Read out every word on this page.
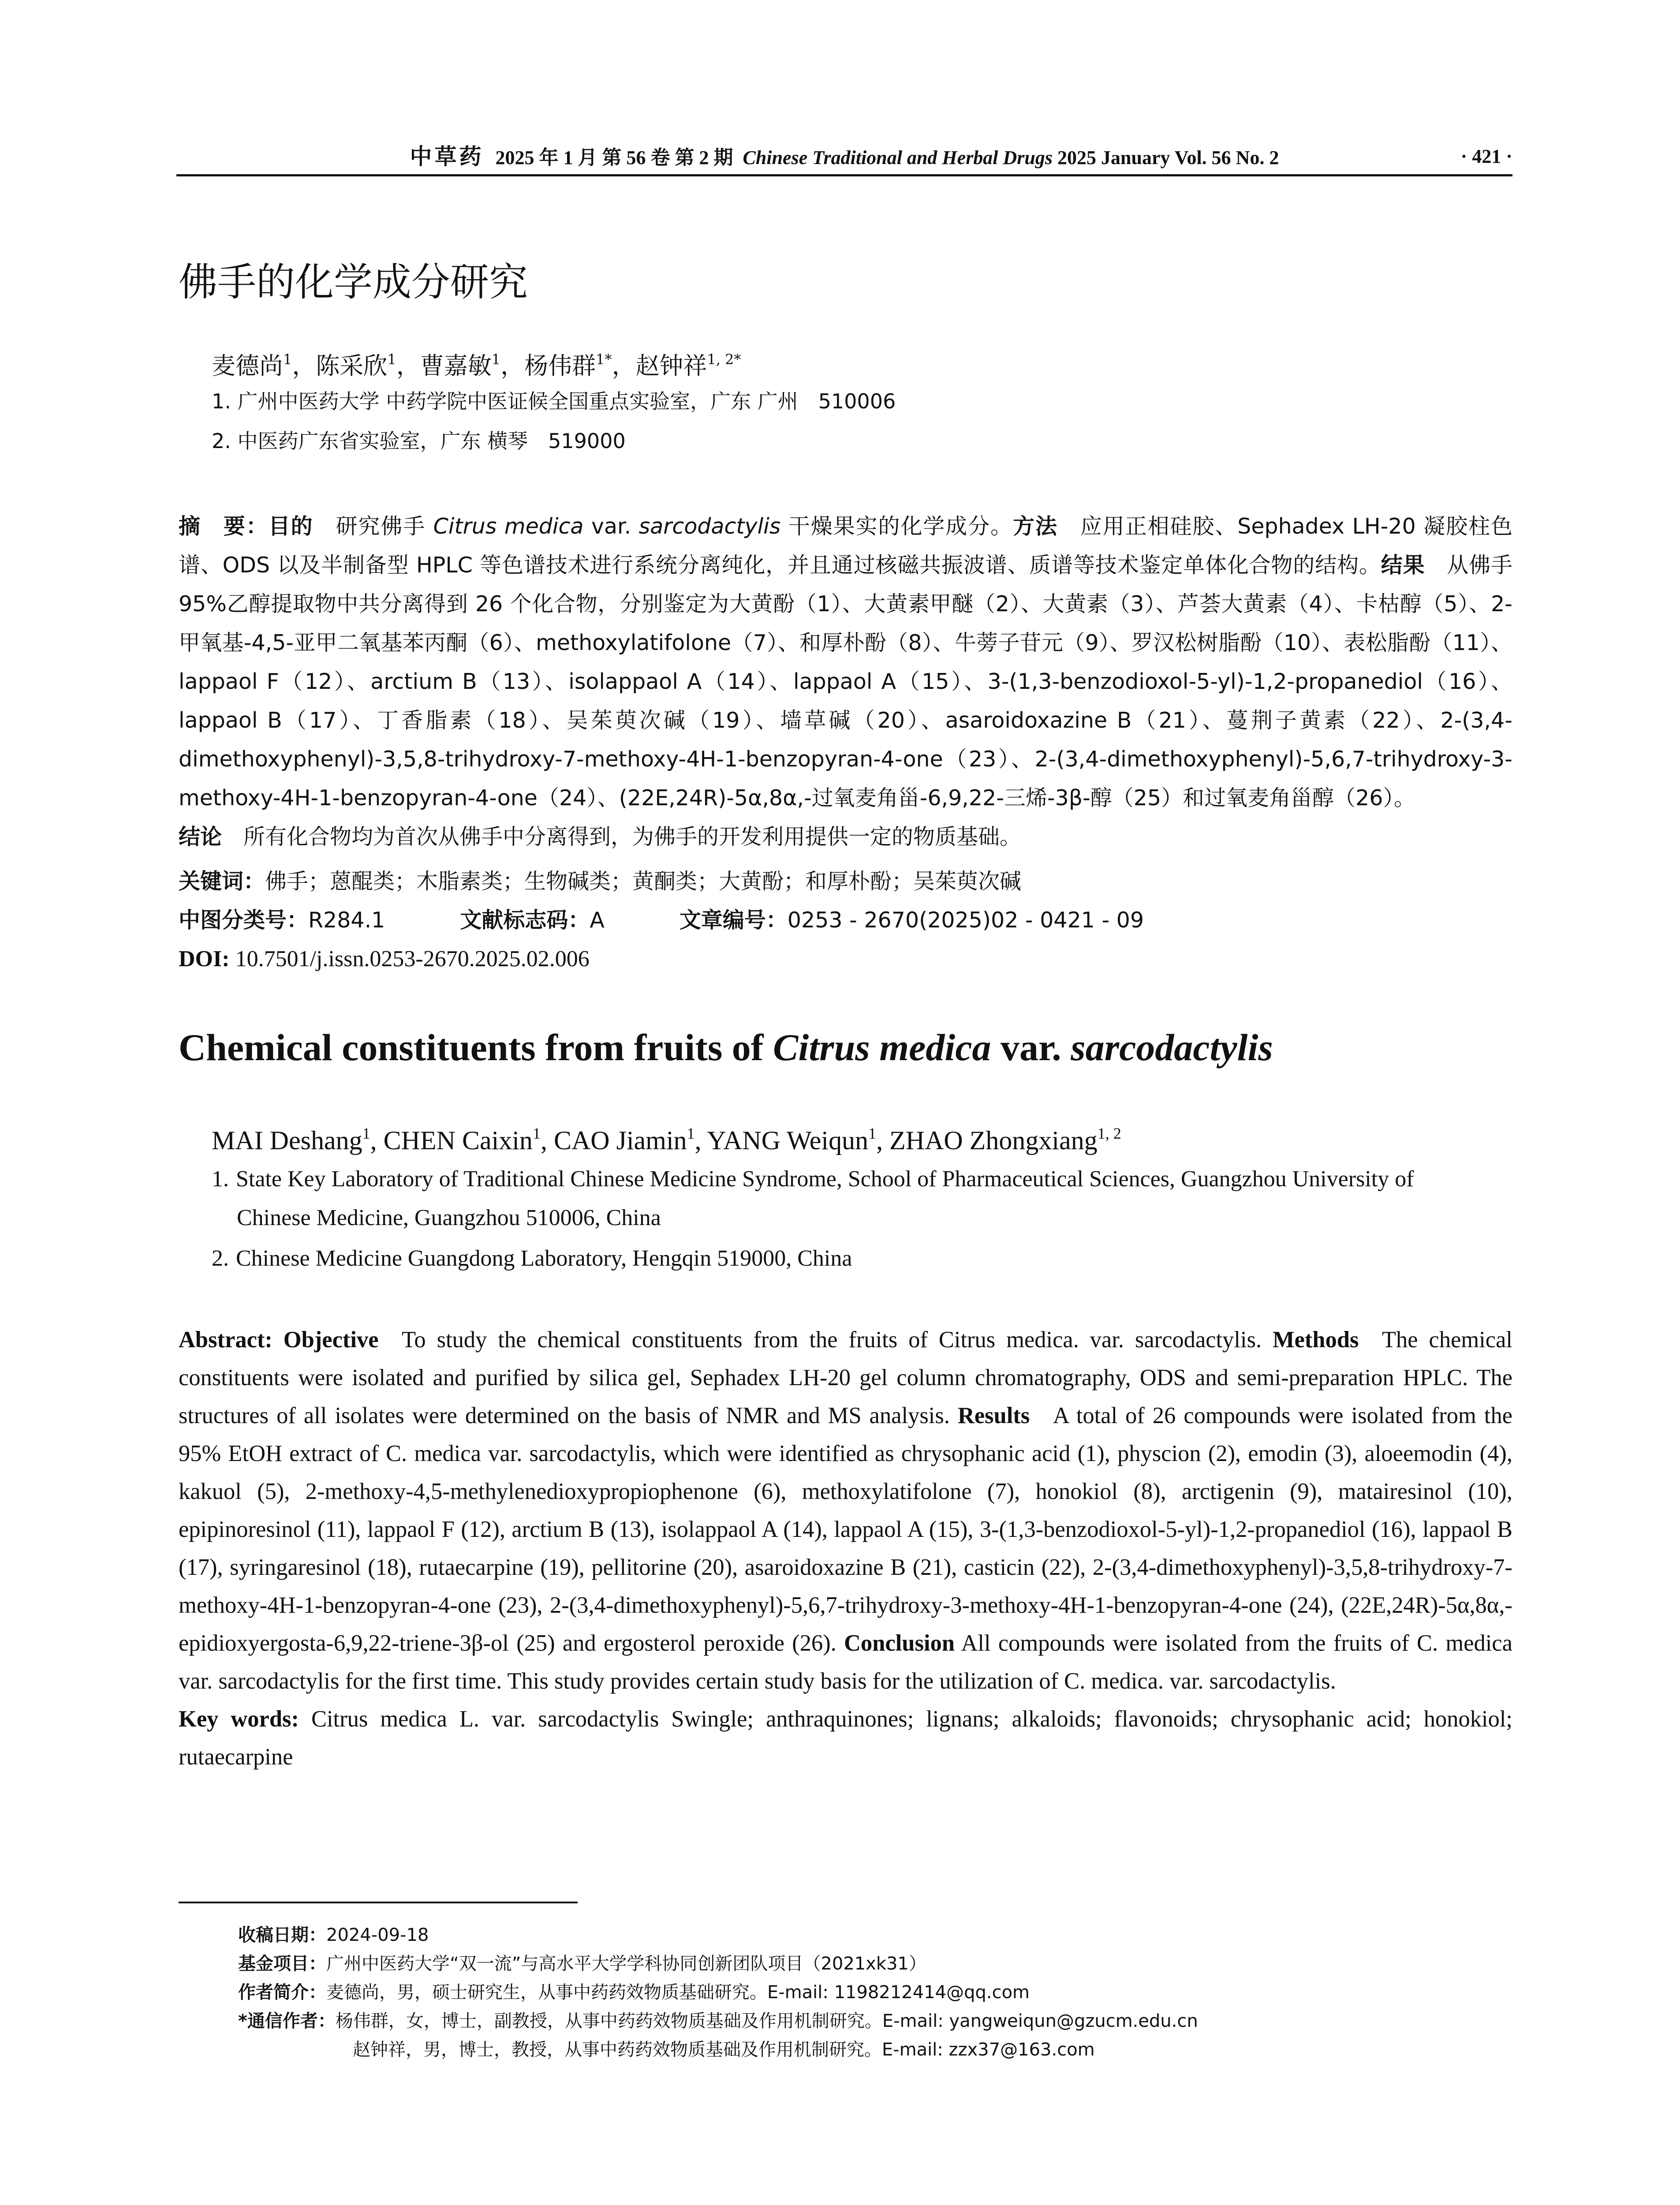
中草药 2025 年 1 月 第 56 卷 第 2 期 Chinese Traditional and Herbal Drugs 2025 January Vol. 56 No. 2	· 421 ·
佛手的化学成分研究
麦德尚$^1$，陈采欣$^1$，曹嘉敏$^1$，杨伟群$^{1*}$，赵钟祥$^{1, 2*}$
1. 广州中医药大学 中药学院中医证候全国重点实验室，广东 广州　510006
2. 中医药广东省实验室，广东 横琴　519000
摘　要：目的  研究佛手 Citrus medica var. sarcodactylis 干燥果实的化学成分。方法  应用正相硅胶、Sephadex LH-20 凝胶柱色谱、ODS 以及半制备型 HPLC 等色谱技术进行系统分离纯化，并且通过核磁共振波谱、质谱等技术鉴定单体化合物的结构。结果  从佛手 95%乙醇提取物中共分离得到 26 个化合物，分别鉴定为大黄酚（1）、大黄素甲醚（2）、大黄素（3）、芦荟大黄素（4）、卡枯醇（5）、2-甲氧基-4,5-亚甲二氧基苯丙酮（6）、methoxylatifolone（7）、和厚朴酚（8）、牛蒡子苷元（9）、罗汉松树脂酚（10）、表松脂酚（11）、lappaol F（12）、arctium B（13）、isolappaol A（14）、lappaol A（15）、3-(1,3-benzodioxol-5-yl)-1,2-propanediol（16）、lappaol B（17）、丁香脂素（18）、吴茱萸次碱（19）、墙草碱（20）、asaroidoxazine B（21）、蔓荆子黄素（22）、2-(3,4-dimethoxyphenyl)-3,5,8-trihydroxy-7-methoxy-4H-1-benzopyran-4-one（23）、2-(3,4-dimethoxyphenyl)-5,6,7-trihydroxy-3-methoxy-4H-1-benzopyran-4-one（24）、(22E,24R)-5α,8α,-过氧麦角甾-6,9,22-三烯-3β-醇（25）和过氧麦角甾醇（26）。
结论  所有化合物均为首次从佛手中分离得到，为佛手的开发利用提供一定的物质基础。
关键词：佛手；蒽醌类；木脂素类；生物碱类；黄酮类；大黄酚；和厚朴酚；吴茱萸次碱
中图分类号：R284.1	文献标志码：A	文章编号：0253 - 2670(2025)02 - 0421 - 09
DOI: 10.7501/j.issn.0253-2670.2025.02.006
Chemical constituents from fruits of Citrus medica var. sarcodactylis
MAI Deshang$^1$, CHEN Caixin$^1$, CAO Jiamin$^1$, YANG Weiqun$^1$, ZHAO Zhongxiang$^{1, 2}$
1. State Key Laboratory of Traditional Chinese Medicine Syndrome, School of Pharmaceutical Sciences, Guangzhou University of
Chinese Medicine, Guangzhou 510006, China
2. Chinese Medicine Guangdong Laboratory, Hengqin 519000, China
Abstract: Objective  To study the chemical constituents from the fruits of Citrus medica. var. sarcodactylis. Methods  The chemical constituents were isolated and purified by silica gel, Sephadex LH-20 gel column chromatography, ODS and semi-preparation HPLC. The structures of all isolates were determined on the basis of NMR and MS analysis. Results  A total of 26 compounds were isolated from the 95% EtOH extract of C. medica var. sarcodactylis, which were identified as chrysophanic acid (1), physcion (2), emodin (3), aloeemodin (4), kakuol (5), 2-methoxy-4,5-methylenedioxypropiophenone (6), methoxylatifolone (7), honokiol (8), arctigenin (9), matairesinol (10), epipinoresinol (11), lappaol F (12), arctium B (13), isolappaol A (14), lappaol A (15), 3-(1,3-benzodioxol-5-yl)-1,2-propanediol (16), lappaol B (17), syringaresinol (18), rutaecarpine (19), pellitorine (20), asaroidoxazine B (21), casticin (22), 2-(3,4-dimethoxyphenyl)-3,5,8-trihydroxy-7-methoxy-4H-1-benzopyran-4-one (23), 2-(3,4-dimethoxyphenyl)-5,6,7-trihydroxy-3-methoxy-4H-1-benzopyran-4-one (24), (22E,24R)-5α,8α,-epidioxyergosta-6,9,22-triene-3β-ol (25) and ergosterol peroxide (26). Conclusion All compounds were isolated from the fruits of C. medica var. sarcodactylis for the first time. This study provides certain study basis for the utilization of C. medica. var. sarcodactylis.
Key words: Citrus medica L. var. sarcodactylis Swingle; anthraquinones; lignans; alkaloids; flavonoids; chrysophanic acid; honokiol; rutaecarpine
收稿日期：2024-09-18
基金项目：广州中医药大学“双一流”与高水平大学学科协同创新团队项目（2021xk31）
作者简介：麦德尚，男，硕士研究生，从事中药药效物质基础研究。E-mail: 1198212414@qq.com
*通信作者：杨伟群，女，博士，副教授，从事中药药效物质基础及作用机制研究。E-mail: yangweiqun@gzucm.edu.cn
赵钟祥，男，博士，教授，从事中药药效物质基础及作用机制研究。E-mail: zzx37@163.com
